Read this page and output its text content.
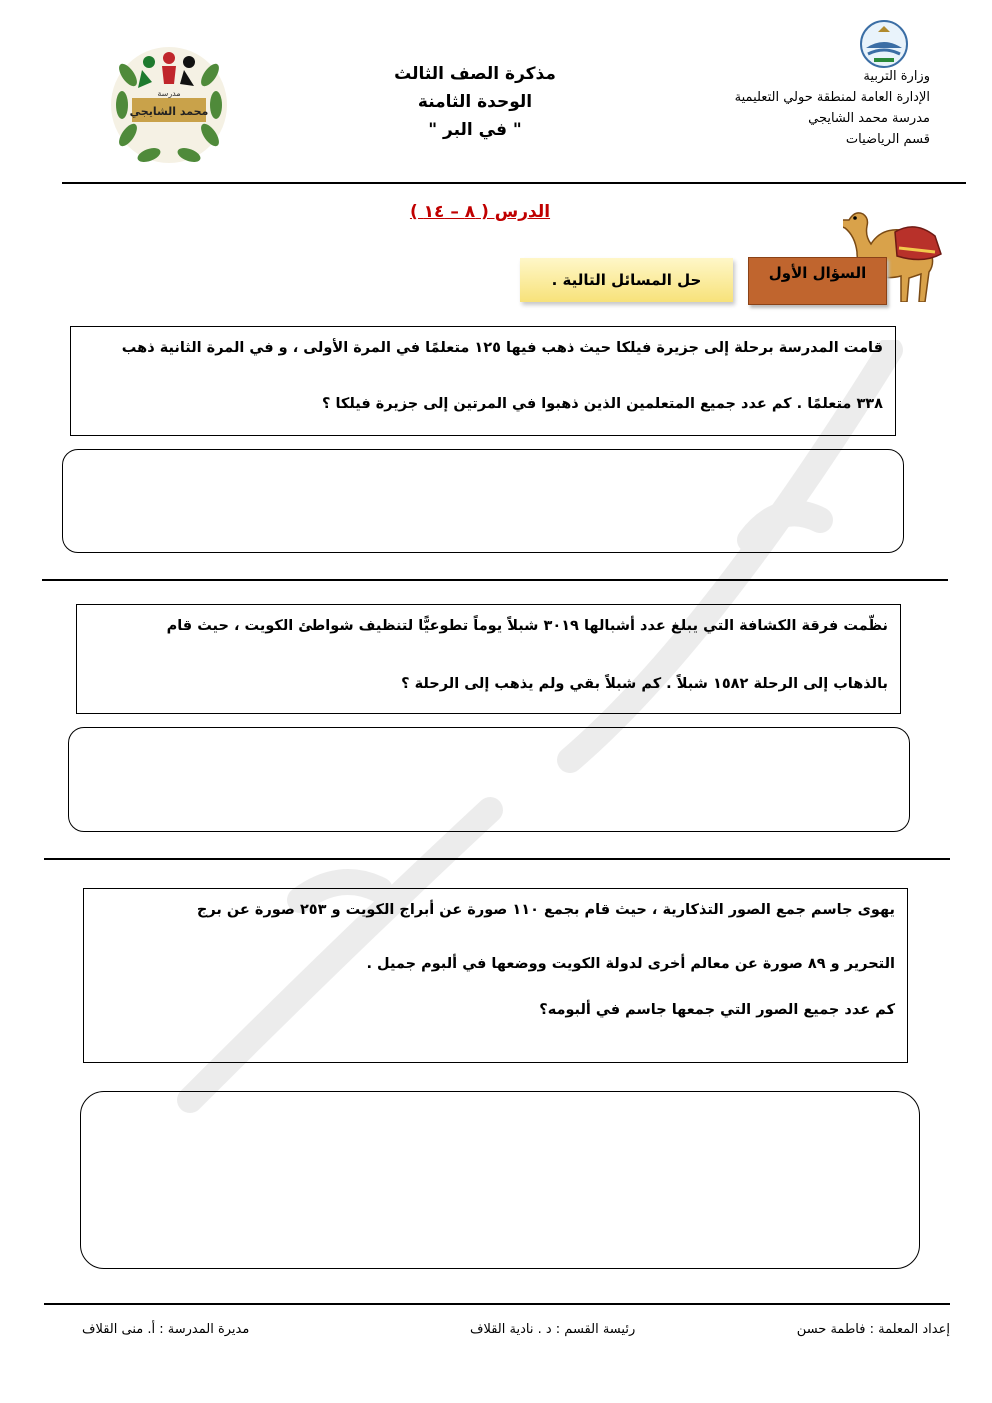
وزارة التربية
الإدارة العامة لمنطقة حولي التعليمية
مدرسة محمد الشايجي
قسم الرياضيات
مذكرة الصف الثالث
الوحدة الثامنة
" في البر "
مدرسة
محمد الشايجي
الدرس ( ٨ – ١٤ )
السؤال الأول
حل المسائل التالية .
قامت المدرسة برحلة إلى جزيرة فيلكا حيث ذهب فيها ١٢٥ متعلمًا في المرة الأولى ، و في المرة الثانية ذهب
٣٣٨ متعلمًا . كم عدد جميع المتعلمين الذين ذهبوا في المرتين إلى جزيرة فيلكا ؟
نظّمت فرقة الكشافة التي يبلغ عدد أشبالها ٣٠١٩ شبلاً يوماً تطوعيًّا لتنظيف شواطئ الكويت ، حيث قام
بالذهاب إلى الرحلة ١٥٨٢ شبلاً . كم شبلاً بقي ولم يذهب إلى الرحلة ؟
يهوى جاسم جمع الصور التذكارية ، حيث قام بجمع ١١٠ صورة عن أبراج الكويت و ٢٥٣ صورة عن برج
التحرير و ٨٩ صورة عن معالم أخرى لدولة الكويت ووضعها في ألبوم جميل .
كم عدد جميع الصور التي جمعها جاسم في ألبومه؟
إعداد المعلمة : فاطمة حسن
رئيسة القسم : د . نادية القلاف
مديرة المدرسة : أ. منى القلاف
